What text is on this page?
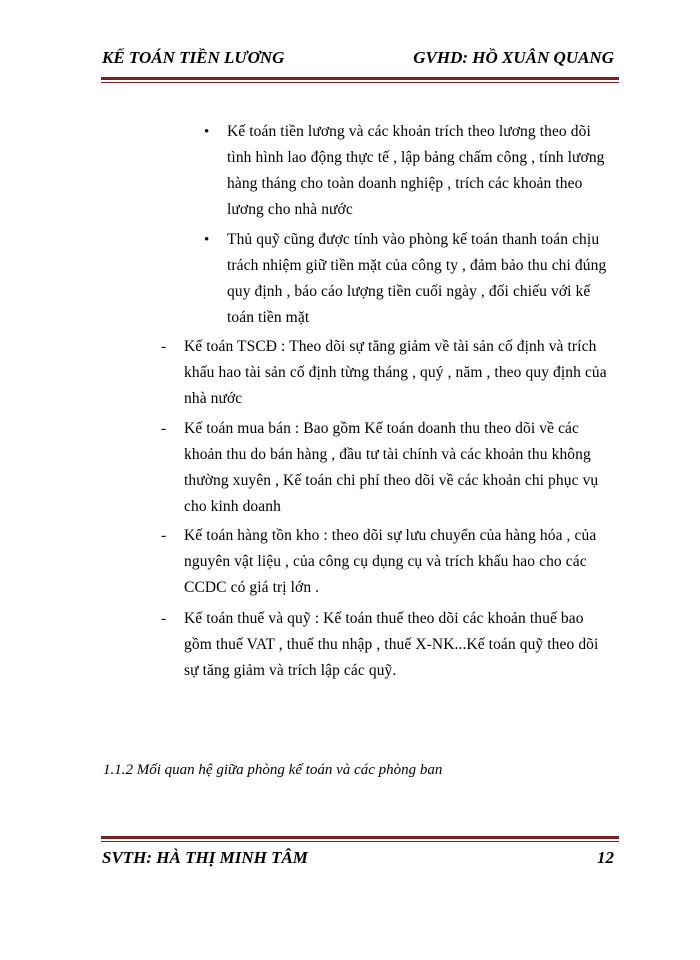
KẾ TOÁN TIỀN LƯƠNG	GVHD: HỒ XUÂN QUANG
• Kế toán tiền lương và các khoản trích theo lương theo dõi tình hình lao động thực tế , lập bảng chấm công , tính lương hàng tháng cho toàn doanh nghiệp , trích các khoản theo lương cho nhà nước
• Thủ quỹ cũng được tính vào phòng kế toán thanh toán chịu trách nhiệm giữ tiền mặt của công ty , đảm bảo thu chi đúng quy định , báo cáo lượng tiền cuối ngày , đối chiếu với kế toán tiền mặt
-	Kế toán TSCĐ : Theo dõi sự tăng giảm về tài sản cố định và trích khấu hao tài sản cố định từng tháng , quý , năm , theo quy định của nhà nước
-	Kế toán mua bán : Bao gồm Kế toán doanh thu theo dõi về các khoản thu do bán hàng , đầu tư tài chính và các khoản thu không thường xuyên , Kế toán chi phí theo dõi về các khoản chi phục vụ cho kinh doanh
-	Kế toán hàng tồn kho : theo dõi sự lưu chuyển của hàng hóa , của nguyên vật liệu , của công cụ dụng cụ và trích khấu hao cho các CCDC có giá trị lớn .
-	Kế toán thuế và quỹ : Kế toán thuế theo dõi các khoản thuế bao gồm thuế VAT , thuế thu nhập , thuế X-NK...Kế toán quỹ theo dõi sự tăng giảm và trích lập các quỹ.
1.1.2 Mối quan hệ giữa phòng kế toán và các phòng ban
SVTH: HÀ THỊ MINH TÂM	12
